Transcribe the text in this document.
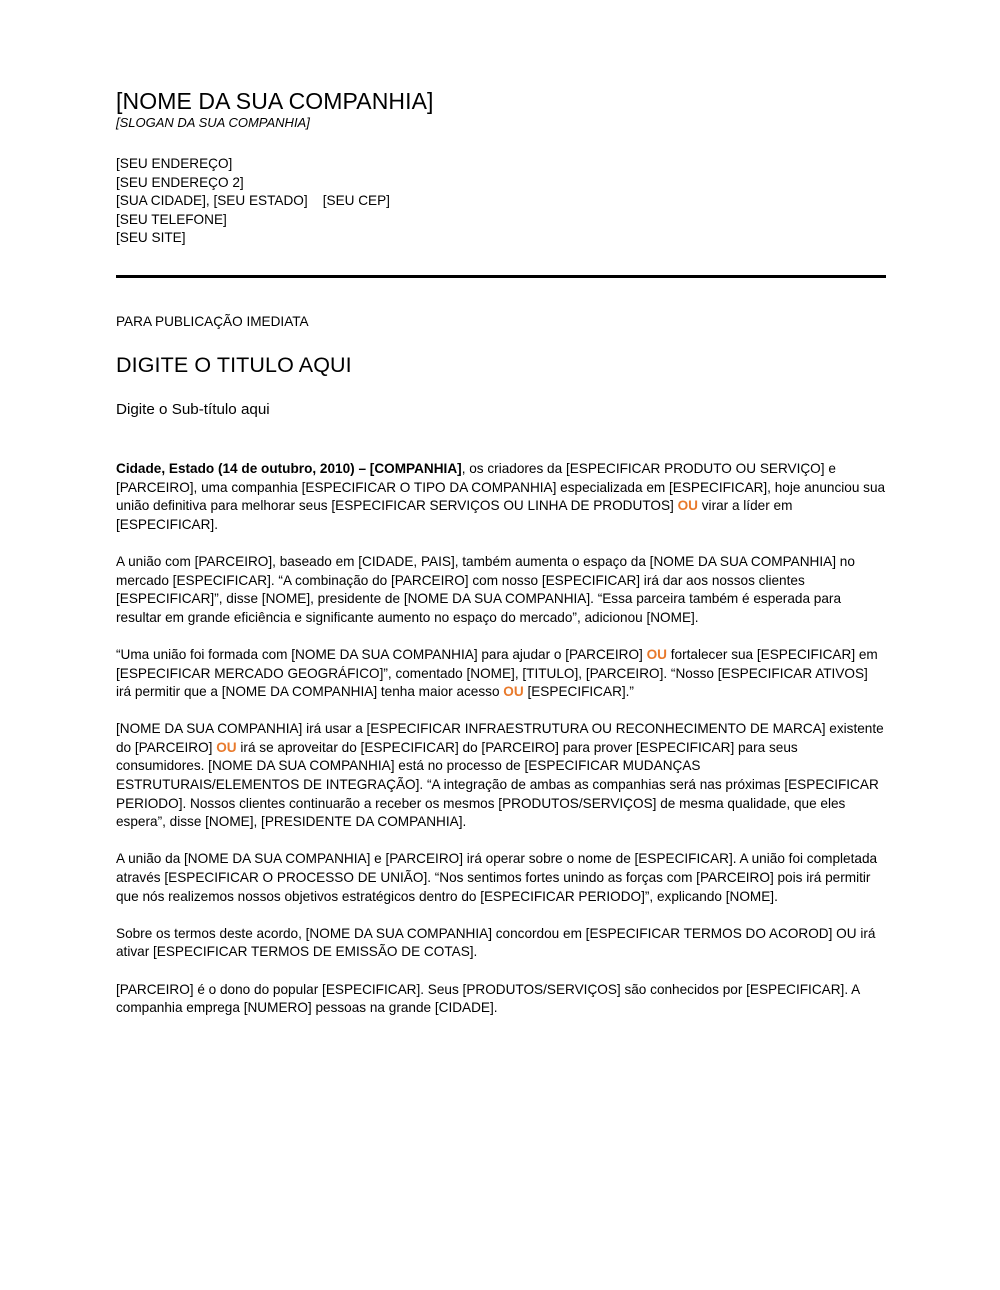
[NOME DA SUA COMPANHIA]

[SLOGAN DA SUA COMPANHIA]

[SEU ENDEREÇO]

[SEU ENDEREÇO 2]

[SUA CIDADE], [SEU ESTADO]    [SEU CEP]

[SEU TELEFONE]

[SEU SITE]

PARA PUBLICAÇÃO IMEDIATA

DIGITE O TITULO AQUI

Digite o Sub-título aqui

Cidade, Estado (14 de outubro, 2010) – [COMPANHIA], os criadores da [ESPECIFICAR PRODUTO OU SERVIÇO] e [PARCEIRO], uma companhia [ESPECIFICAR O TIPO DA COMPANHIA] especializada em [ESPECIFICAR], hoje anunciou sua união definitiva para melhorar seus [ESPECIFICAR SERVIÇOS OU LINHA DE PRODUTOS] OU virar a líder em [ESPECIFICAR].

A união com [PARCEIRO], baseado em [CIDADE, PAIS], também aumenta o espaço da [NOME DA SUA COMPANHIA] no mercado [ESPECIFICAR]. “A combinação do [PARCEIRO] com nosso [ESPECIFICAR] irá dar aos nossos clientes [ESPECIFICAR]”, disse [NOME], presidente de [NOME DA SUA COMPANHIA]. “Essa parceira também é esperada para resultar em grande eficiência e significante aumento no espaço do mercado”, adicionou [NOME].

“Uma união foi formada com [NOME DA SUA COMPANHIA] para ajudar o [PARCEIRO] OU fortalecer sua [ESPECIFICAR] em [ESPECIFICAR MERCADO GEOGRÁFICO]”, comentado [NOME], [TITULO], [PARCEIRO]. “Nosso [ESPECIFICAR ATIVOS] irá permitir que a [NOME DA COMPANHIA] tenha maior acesso OU [ESPECIFICAR].”

[NOME DA SUA COMPANHIA] irá usar a [ESPECIFICAR INFRAESTRUTURA OU RECONHECIMENTO DE MARCA] existente do [PARCEIRO] OU irá se aproveitar do [ESPECIFICAR] do [PARCEIRO] para prover [ESPECIFICAR] para seus consumidores. [NOME DA SUA COMPANHIA] está no processo de [ESPECIFICAR MUDANÇAS ESTRUTURAIS/ELEMENTOS DE INTEGRAÇÃO]. “A integração de ambas as companhias será nas próximas [ESPECIFICAR PERIODO]. Nossos clientes continuarão a receber os mesmos [PRODUTOS/SERVIÇOS] de mesma qualidade, que eles espera”, disse [NOME], [PRESIDENTE DA COMPANHIA].

A união da [NOME DA SUA COMPANHIA] e [PARCEIRO] irá operar sobre o nome de [ESPECIFICAR]. A união foi completada através [ESPECIFICAR O PROCESSO DE UNIÃO]. “Nos sentimos fortes unindo as forças com [PARCEIRO] pois irá permitir que nós realizemos nossos objetivos estratégicos dentro do [ESPECIFICAR PERIODO]”, explicando [NOME].

Sobre os termos deste acordo, [NOME DA SUA COMPANHIA] concordou em [ESPECIFICAR TERMOS DO ACOROD] OU irá ativar [ESPECIFICAR TERMOS DE EMISSÃO DE COTAS].

[PARCEIRO] é o dono do popular [ESPECIFICAR]. Seus [PRODUTOS/SERVIÇOS] são conhecidos por [ESPECIFICAR]. A companhia emprega [NUMERO] pessoas na grande [CIDADE].
